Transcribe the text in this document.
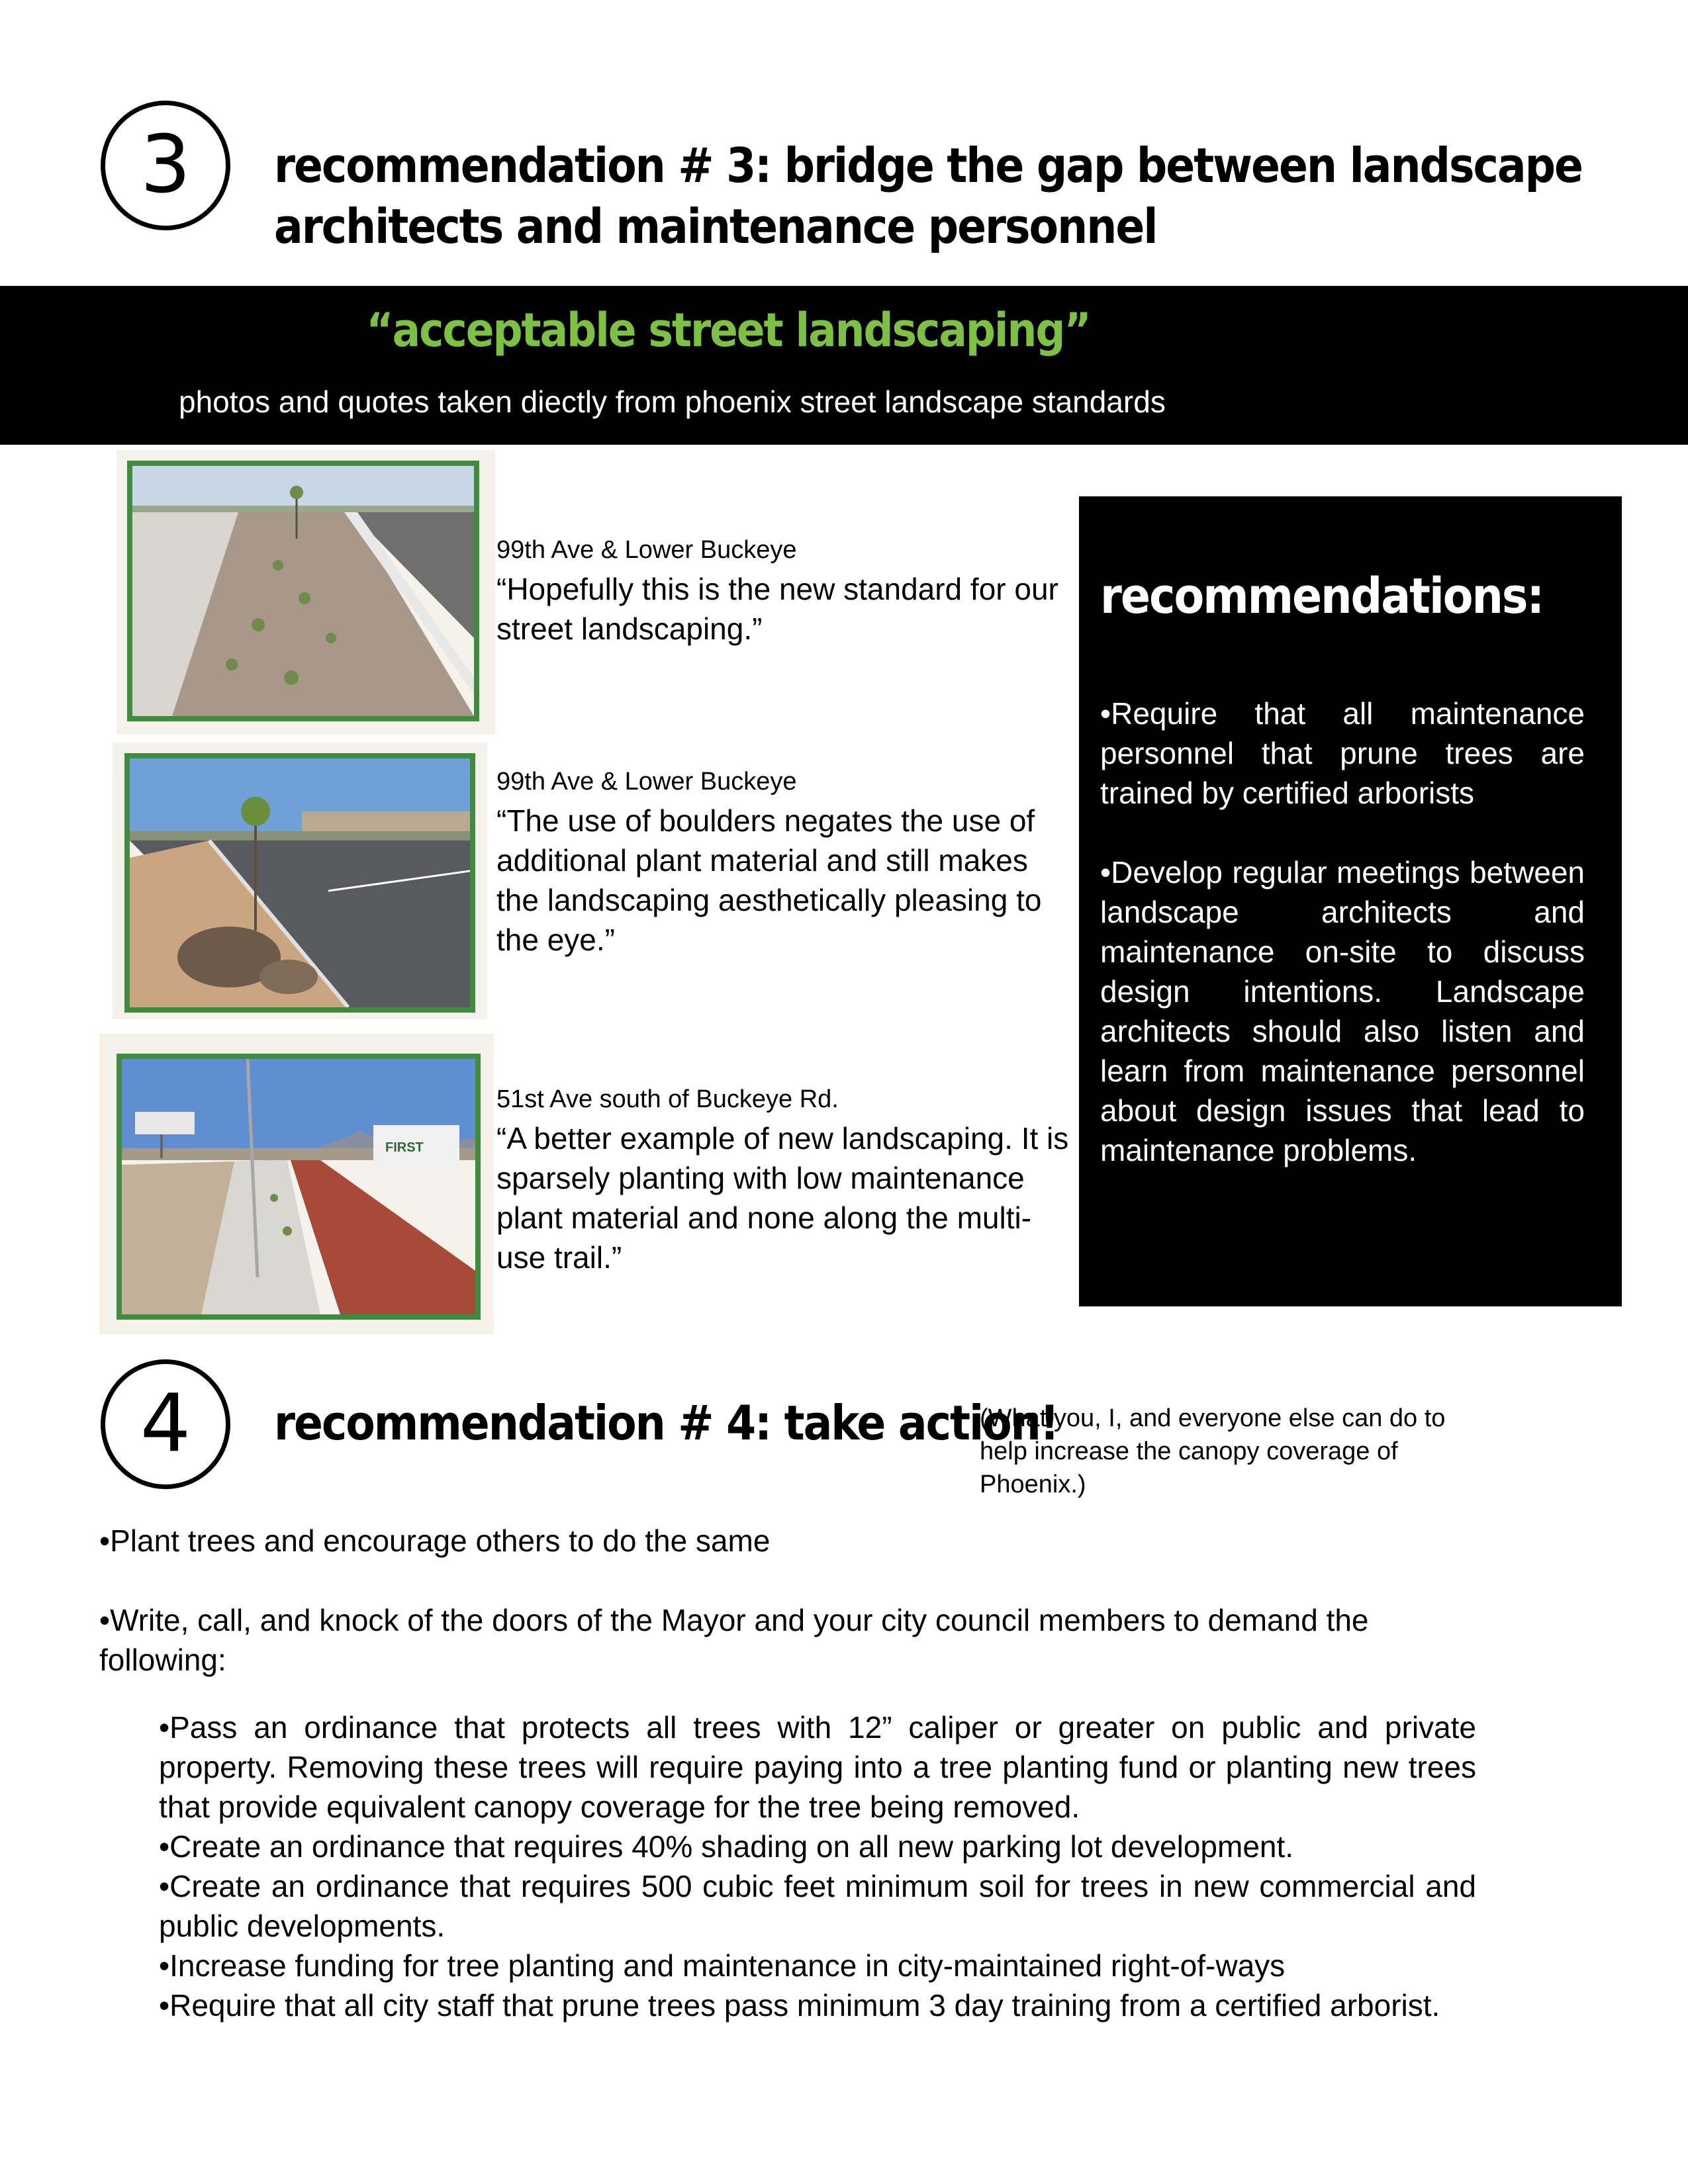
3 recommendation # 3: bridge the gap between landscape
architects and maintenance personnel
“acceptable street landscaping”
photos and quotes taken diectly from phoenix street landscape standards
99th Ave & Lower Buckeye
“Hopefully this is the new standard for our street landscaping.”
99th Ave & Lower Buckeye
“The use of boulders negates the use of additional plant material and still makes the landscaping aesthetically pleasing to the eye.”
FIRST
51st Ave south of Buckeye Rd.
“A better example of new landscaping. It is sparsely planting with low maintenance plant material and none along the multi-use trail.”
recommendations:
•Require that all maintenance personnel that prune trees are trained by certified arborists
•Develop regular meetings between landscape architects and maintenance on-site to discuss design intentions. Landscape architects should also listen and learn from maintenance personnel about design issues that lead to maintenance problems.
4 recommendation # 4: take action!
(What you, I, and everyone else can do to help increase the canopy coverage of Phoenix.)
•Plant trees and encourage others to do the same
•Write, call, and knock of the doors of the Mayor and your city council members to demand the following:
•Pass an ordinance that protects all trees with 12” caliper or greater on public and private property. Removing these trees will require paying into a tree planting fund or planting new trees that provide equivalent canopy coverage for the tree being removed.
•Create an ordinance that requires 40% shading on all new parking lot development.
•Create an ordinance that requires 500 cubic feet minimum soil for trees in new commercial and public developments.
•Increase funding for tree planting and maintenance in city-maintained right-of-ways
•Require that all city staff that prune trees pass minimum 3 day training from a certified arborist.
